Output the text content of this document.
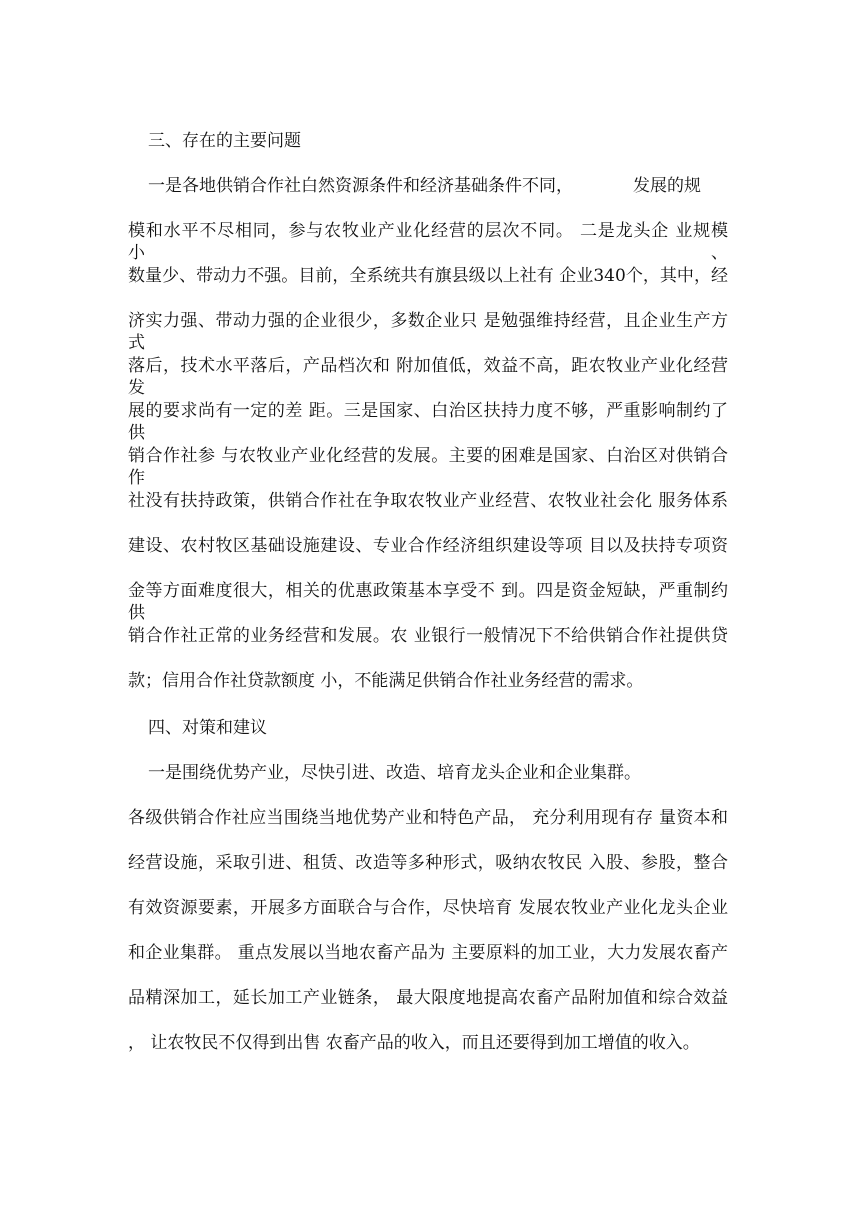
三、存在的主要问题

一是各地供销合作社白然资源条件和经济基础条件不同，	发展的规

模和水平不尽相同，参与农牧业产业化经营的层次不同。 二是龙头企 业规模小、

数量少、带动力不强。目前，全系统共有旗县级以上社有 企业340个，其中，经

济实力强、带动力强的企业很少，多数企业只 是勉强维持经营，且企业生产方式

落后，技术水平落后，产品档次和 附加值低，效益不高，距农牧业产业化经营发

展的要求尚有一定的差 距。三是国家、白治区扶持力度不够，严重影响制约了供

销合作社参 与农牧业产业化经营的发展。主要的困难是国家、白治区对供销合作

社没有扶持政策，供销合作社在争取农牧业产业经营、农牧业社会化 服务体系

建设、农村牧区基础设施建设、专业合作经济组织建设等项 目以及扶持专项资

金等方面难度很大，相关的优惠政策基本享受不 到。四是资金短缺，严重制约供

销合作社正常的业务经营和发展。农 业银行一般情况下不给供销合作社提供贷

款；信用合作社贷款额度 小，不能满足供销合作社业务经营的需求。

四、对策和建议

一是围绕优势产业，尽快引进、改造、培育龙头企业和企业集群。

各级供销合作社应当围绕当地优势产业和特色产品， 充分利用现有存 量资本和

经营设施，采取引进、租赁、改造等多种形式，吸纳农牧民 入股、参股，整合

有效资源要素，开展多方面联合与合作，尽快培育 发展农牧业产业化龙头企业

和企业集群。 重点发展以当地农畜产品为 主要原料的加工业，大力发展农畜产

品精深加工，延长加工产业链条， 最大限度地提高农畜产品附加值和综合效益

， 让农牧民不仅得到出售 农畜产品的收入，而且还要得到加工增值的收入。
